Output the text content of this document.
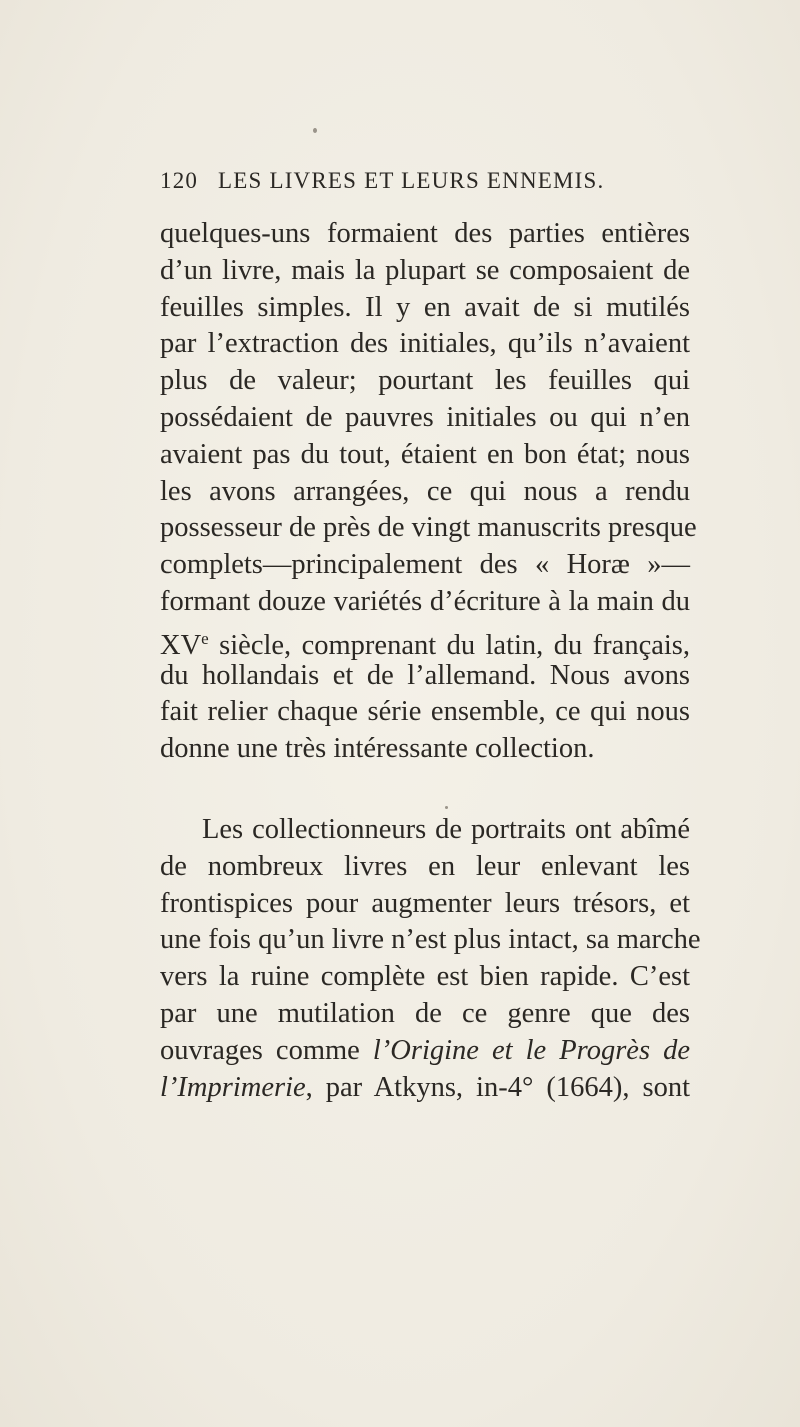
120 LES LIVRES ET LEURS ENNEMIS.
quelques-uns formaient des parties entières
d’un livre, mais la plupart se composaient de
feuilles simples. Il y en avait de si mutilés
par l’extraction des initiales, qu’ils n’avaient
plus de valeur; pourtant les feuilles qui
possédaient de pauvres initiales ou qui n’en
avaient pas du tout, étaient en bon état; nous
les avons arrangées, ce qui nous a rendu
possesseur de près de vingt manuscrits presque
complets—principalement des « Horæ »—
formant douze variétés d’écriture à la main du
XVe siècle, comprenant du latin, du français,
du hollandais et de l’allemand. Nous avons
fait relier chaque série ensemble, ce qui nous
donne une très intéressante collection.
Les collectionneurs de portraits ont abîmé
de nombreux livres en leur enlevant les
frontispices pour augmenter leurs trésors, et
une fois qu’un livre n’est plus intact, sa marche
vers la ruine complète est bien rapide. C’est
par une mutilation de ce genre que des
ouvrages comme l’Origine et le Progrès de
l’Imprimerie, par Atkyns, in-4° (1664), sont
